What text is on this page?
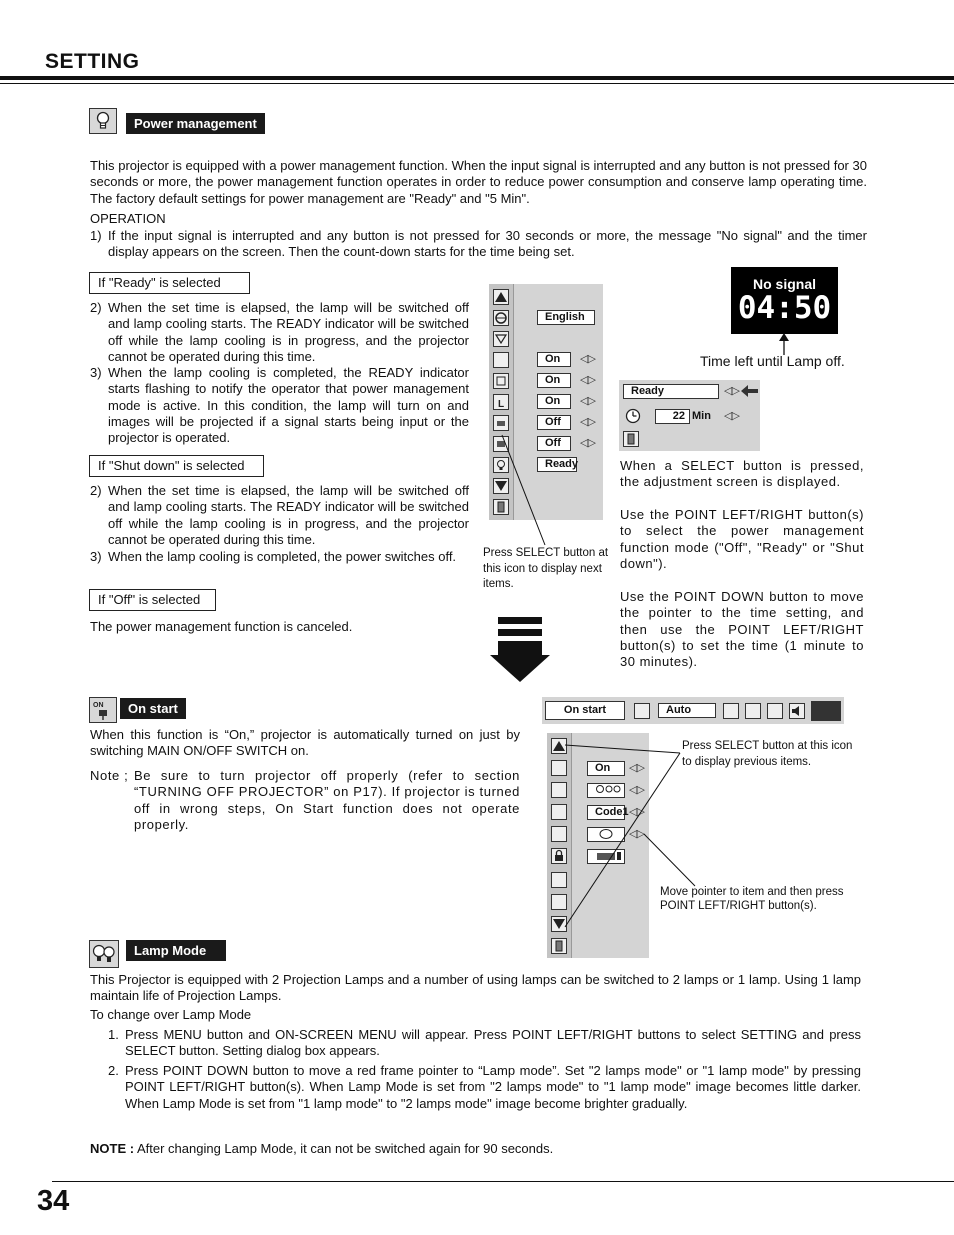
SETTING
Power management
This projector is equipped with a power management function. When the input signal is interrupted and any button is not pressed for 30 seconds or more, the power management function operates in order to reduce power consumption and conserve lamp operating time. The factory default settings for power management are "Ready" and "5 Min".
OPERATION
1) If the input signal is interrupted and any button is not pressed for 30 seconds or more, the message "No signal" and the timer display appears on the screen. Then the count-down starts for the time being set.
If "Ready" is selected
2) When the set time is elapsed, the lamp will be switched off and lamp cooling starts. The READY indicator will be switched off while the lamp cooling is in progress, and the projector cannot be operated during this time.
3) When the lamp cooling is completed, the READY indicator starts flashing to notify the operator that power management mode is active. In this condition, the lamp will turn on and images will be projected if a signal starts being input or the projector is operated.
If "Shut down" is selected
2) When the set time is elapsed, the lamp will be switched off and lamp cooling starts. The READY indicator will be switched off while the lamp cooling is in progress, and the projector cannot be operated during this time.
3) When the lamp cooling is completed, the power switches off.
If "Off" is selected
The power management function is canceled.
L
English
On	◁▷
On	◁▷
On	◁▷
Off	◁▷
Off	◁▷
Ready
Press SELECT button at this icon to display next items.
No signal
04:50
Time left until Lamp off.
Ready	◁▷
22 Min ◁▷
When a SELECT button is pressed, the adjustment screen is displayed.
Use the POINT LEFT/RIGHT button(s) to select the power management function mode ("Off", "Ready" or "Shut down").
Use the POINT DOWN button to move the pointer to the time setting, and then use the POINT LEFT/RIGHT button(s) to set the time (1 minute to 30 minutes).
ON	On start
When this function is “On,” projector is automatically turned on just by switching MAIN ON/OFF SWITCH on.
Note ; Be sure to turn projector off properly (refer to section “TURNING OFF PROJECTOR” on P17). If projector is turned off in wrong steps, On Start function does not operate properly.
On start	Auto
On	◁▷
◁▷
Code1 ◁▷
◁▷
Press SELECT button at this icon to display previous items.
Move pointer to item and then press POINT LEFT/RIGHT button(s).
Lamp Mode
This Projector is equipped with 2 Projection Lamps and a number of using lamps can be switched to 2 lamps or 1 lamp. Using 1 lamp maintain life of Projection Lamps.
To change over Lamp Mode
1. Press MENU button and ON-SCREEN MENU will appear. Press POINT LEFT/RIGHT buttons to select SETTING and press SELECT button. Setting dialog box appears.
2. Press POINT DOWN button to move a red frame pointer to “Lamp mode”. Set "2 lamps mode" or "1 lamp mode" by pressing POINT LEFT/RIGHT button(s). When Lamp Mode is set from "2 lamps mode" to "1 lamp mode" image becomes little darker. When Lamp Mode is set from "1 lamp mode" to "2 lamps mode" image become brighter gradually.
NOTE : After changing Lamp Mode, it can not be switched again for 90 seconds.
34
